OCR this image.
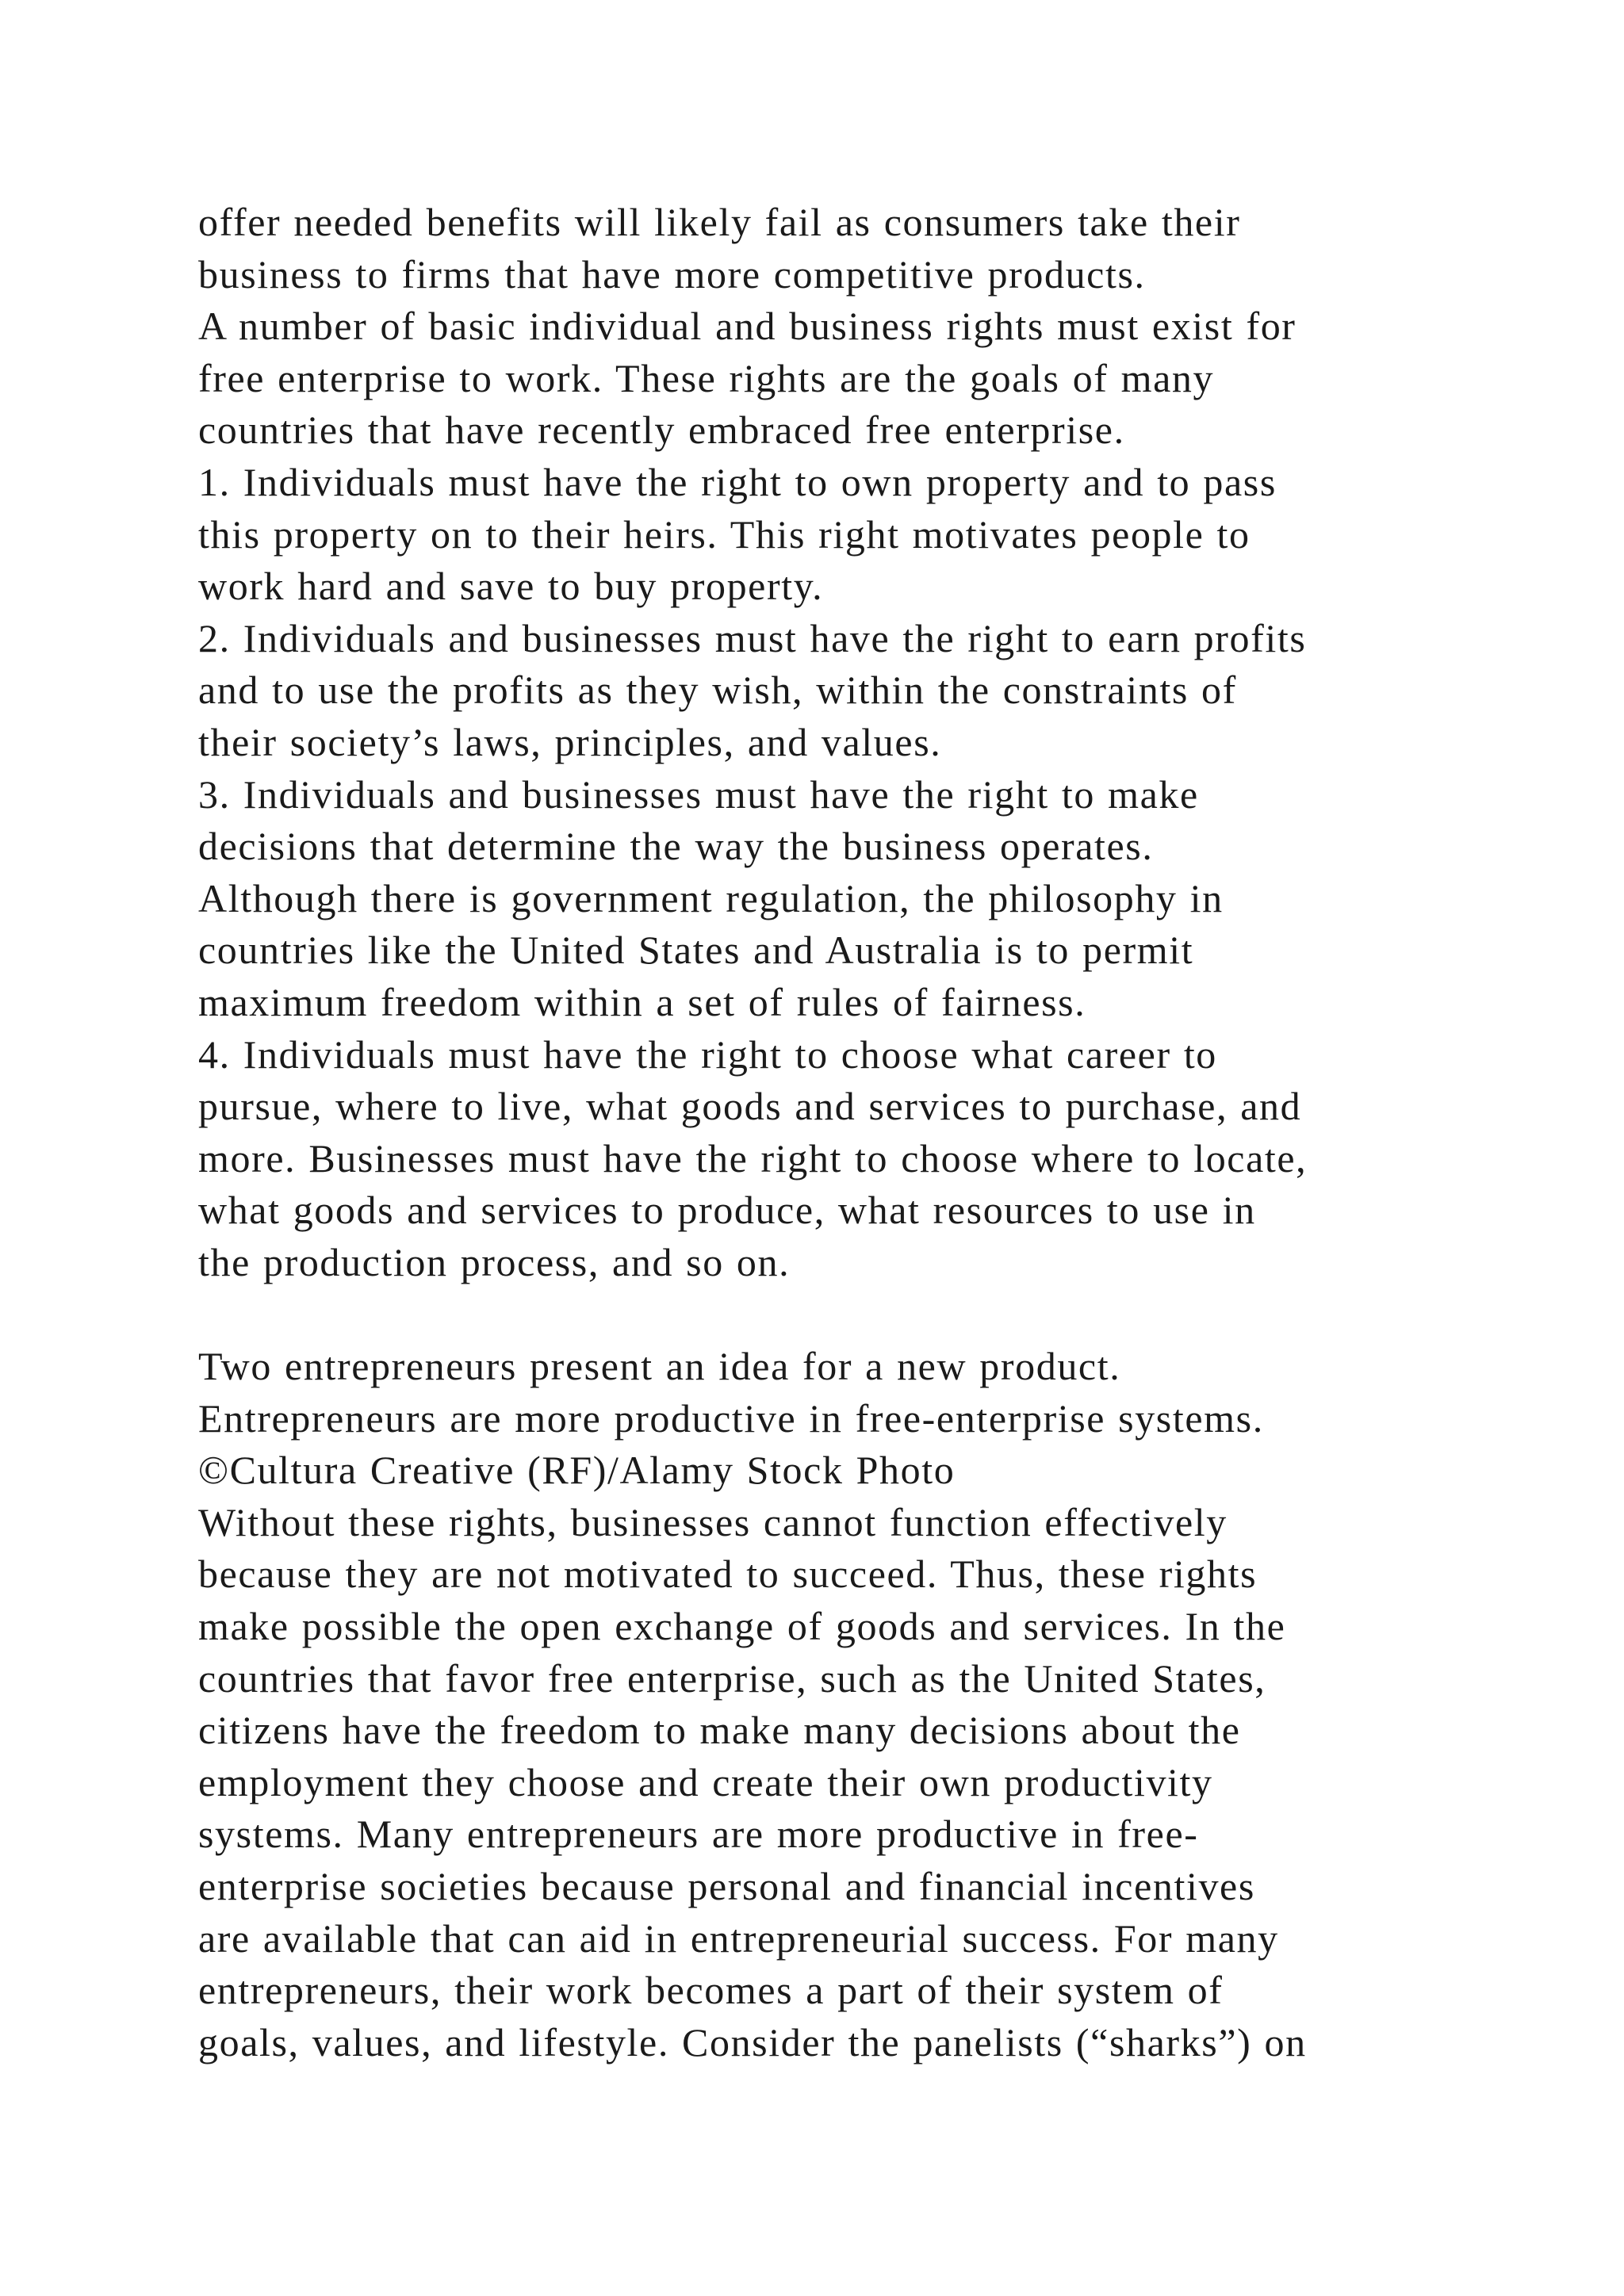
offer needed benefits will likely fail as consumers take their
business to firms that have more competitive products.
A number of basic individual and business rights must exist for
free enterprise to work. These rights are the goals of many
countries that have recently embraced free enterprise.
1. Individuals must have the right to own property and to pass
this property on to their heirs. This right motivates people to
work hard and save to buy property.
2. Individuals and businesses must have the right to earn profits
and to use the profits as they wish, within the constraints of
their society’s laws, principles, and values.
3. Individuals and businesses must have the right to make
decisions that determine the way the business operates.
Although there is government regulation, the philosophy in
countries like the United States and Australia is to permit
maximum freedom within a set of rules of fairness.
4. Individuals must have the right to choose what career to
pursue, where to live, what goods and services to purchase, and
more. Businesses must have the right to choose where to locate,
what goods and services to produce, what resources to use in
the production process, and so on.
Two entrepreneurs present an idea for a new product.
Entrepreneurs are more productive in free-enterprise systems.
©Cultura Creative (RF)/Alamy Stock Photo
Without these rights, businesses cannot function effectively
because they are not motivated to succeed. Thus, these rights
make possible the open exchange of goods and services. In the
countries that favor free enterprise, such as the United States,
citizens have the freedom to make many decisions about the
employment they choose and create their own productivity
systems. Many entrepreneurs are more productive in free-
enterprise societies because personal and financial incentives
are available that can aid in entrepreneurial success. For many
entrepreneurs, their work becomes a part of their system of
goals, values, and lifestyle. Consider the panelists (“sharks”) on
